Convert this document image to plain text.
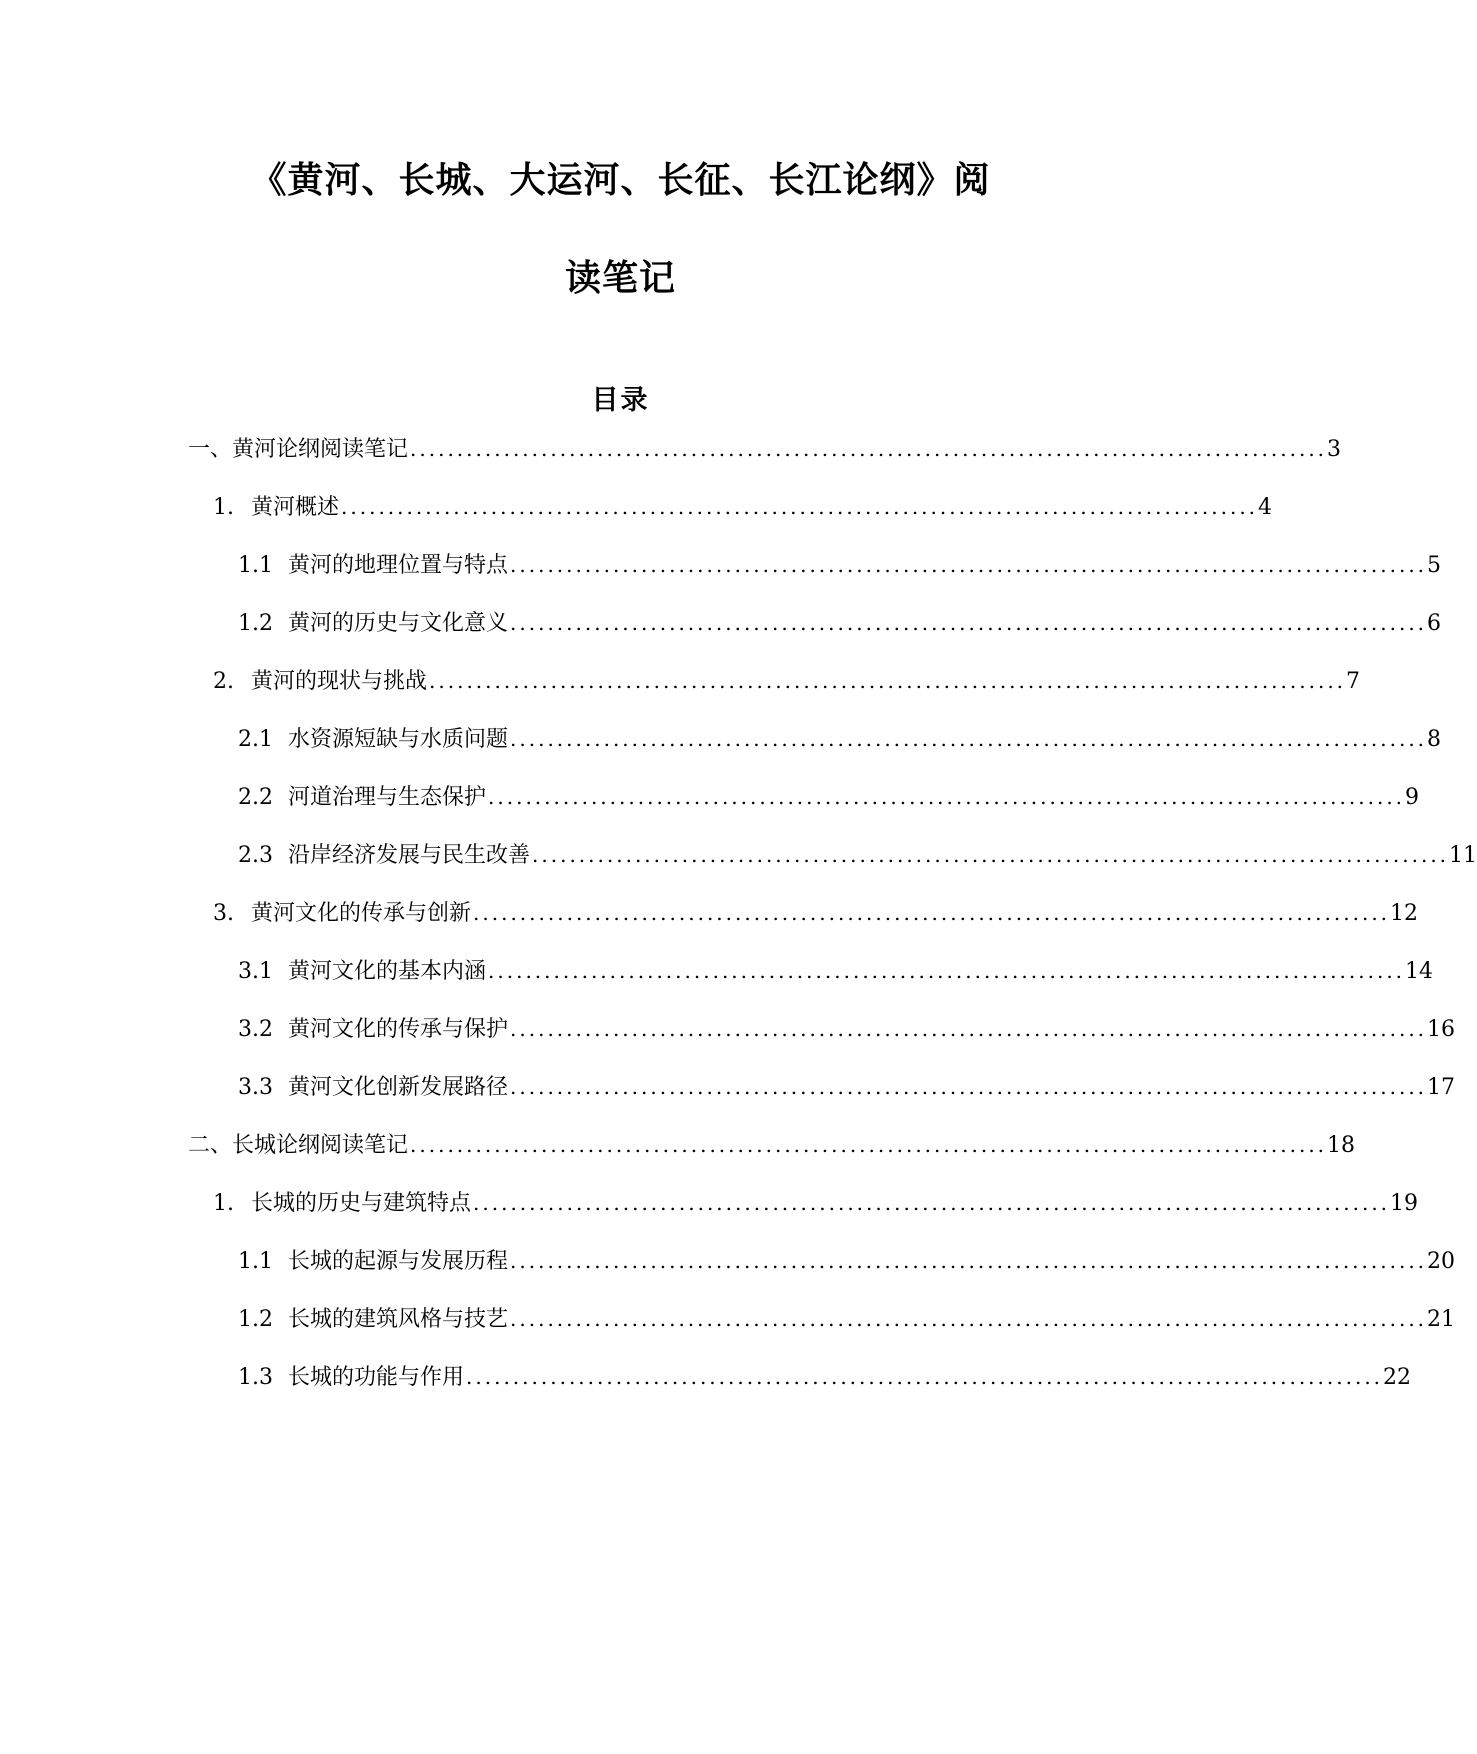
《黄河、长城、大运河、长征、长江论纲》阅
读笔记
目录
一、黄河论纲阅读笔记 .................................................................................................. 3
1. 黄河概述 .................................................................................................. 4
1.1 黄河的地理位置与特点 .................................................................................................. 5
1.2 黄河的历史与文化意义 .................................................................................................. 6
2. 黄河的现状与挑战 .................................................................................................. 7
2.1 水资源短缺与水质问题 .................................................................................................. 8
2.2 河道治理与生态保护 .................................................................................................. 9
2.3 沿岸经济发展与民生改善 .................................................................................................. 11
3. 黄河文化的传承与创新 .................................................................................................. 12
3.1 黄河文化的基本内涵 .................................................................................................. 14
3.2 黄河文化的传承与保护 .................................................................................................. 16
3.3 黄河文化创新发展路径 .................................................................................................. 17
二、长城论纲阅读笔记 .................................................................................................. 18
1. 长城的历史与建筑特点 .................................................................................................. 19
1.1 长城的起源与发展历程 .................................................................................................. 20
1.2 长城的建筑风格与技艺 .................................................................................................. 21
1.3 长城的功能与作用 .................................................................................................. 22
